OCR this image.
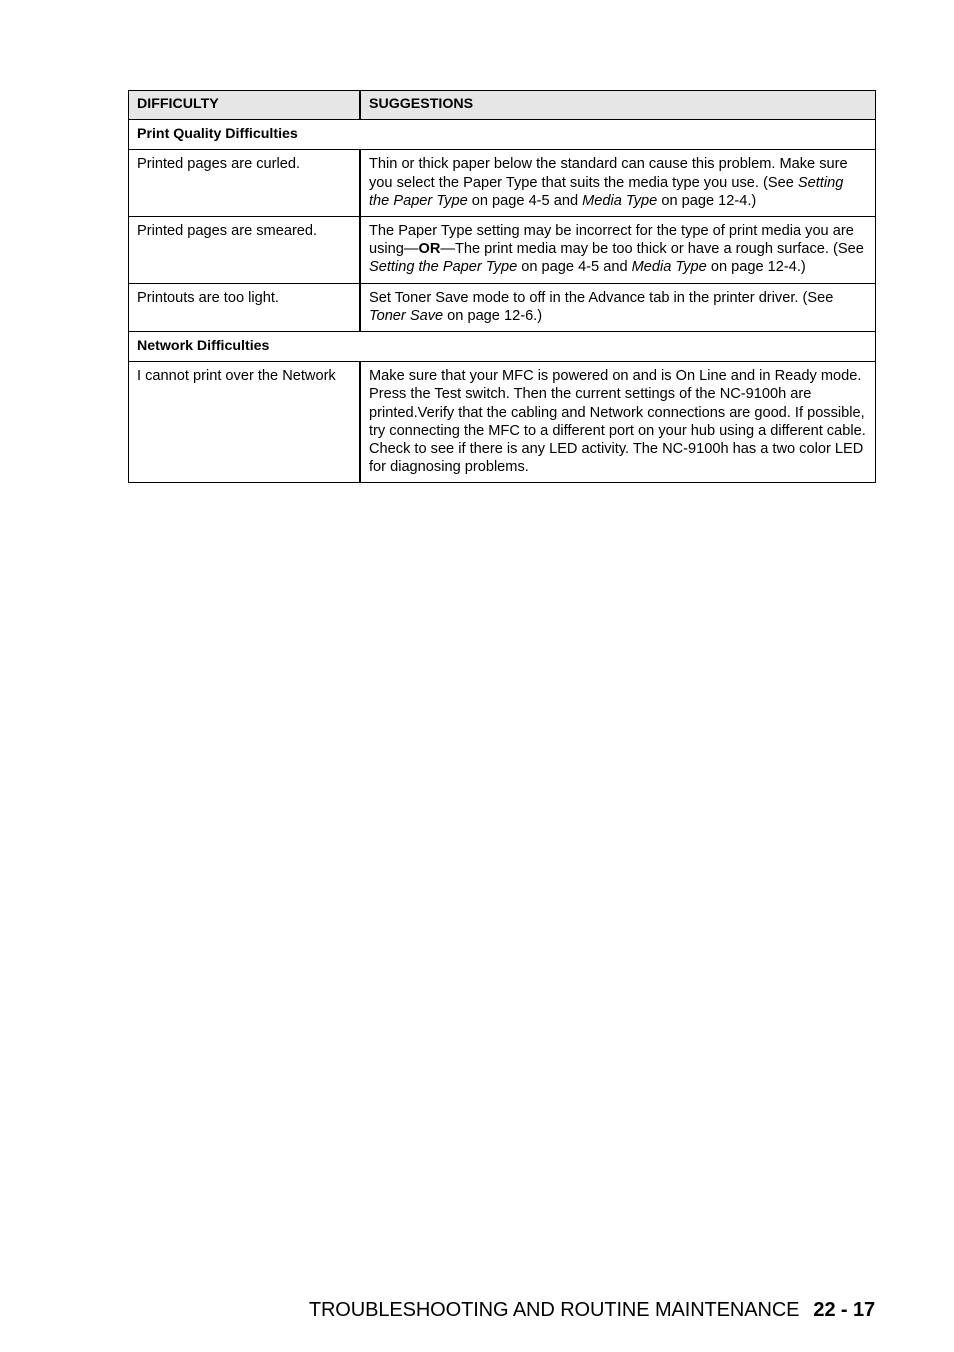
DIFFICULTY	SUGGESTIONS
Print Quality Difficulties	
Printed pages are curled.	Thin or thick paper below the standard can cause this problem. Make sure you select the Paper Type that suits the media type you use. (See Setting the Paper Type on page 4-5 and Media Type on page 12-4.)
Printed pages are smeared.	The Paper Type setting may be incorrect for the type of print media you are using—OR—The print media may be too thick or have a rough surface. (See Setting the Paper Type on page 4-5 and Media Type on page 12-4.)
Printouts are too light.	Set Toner Save mode to off in the Advance tab in the printer driver. (See Toner Save on page 12-6.)
Network Difficulties	
I cannot print over the Network	Make sure that your MFC is powered on and is On Line and in Ready mode. Press the Test switch. Then the current settings of the NC-9100h are printed.Verify that the cabling and Network connections are good. If possible, try connecting the MFC to a different port on your hub using a different cable. Check to see if there is any LED activity. The NC-9100h has a two color LED for diagnosing problems.
TROUBLESHOOTING AND ROUTINE MAINTENANCE 22 - 17
